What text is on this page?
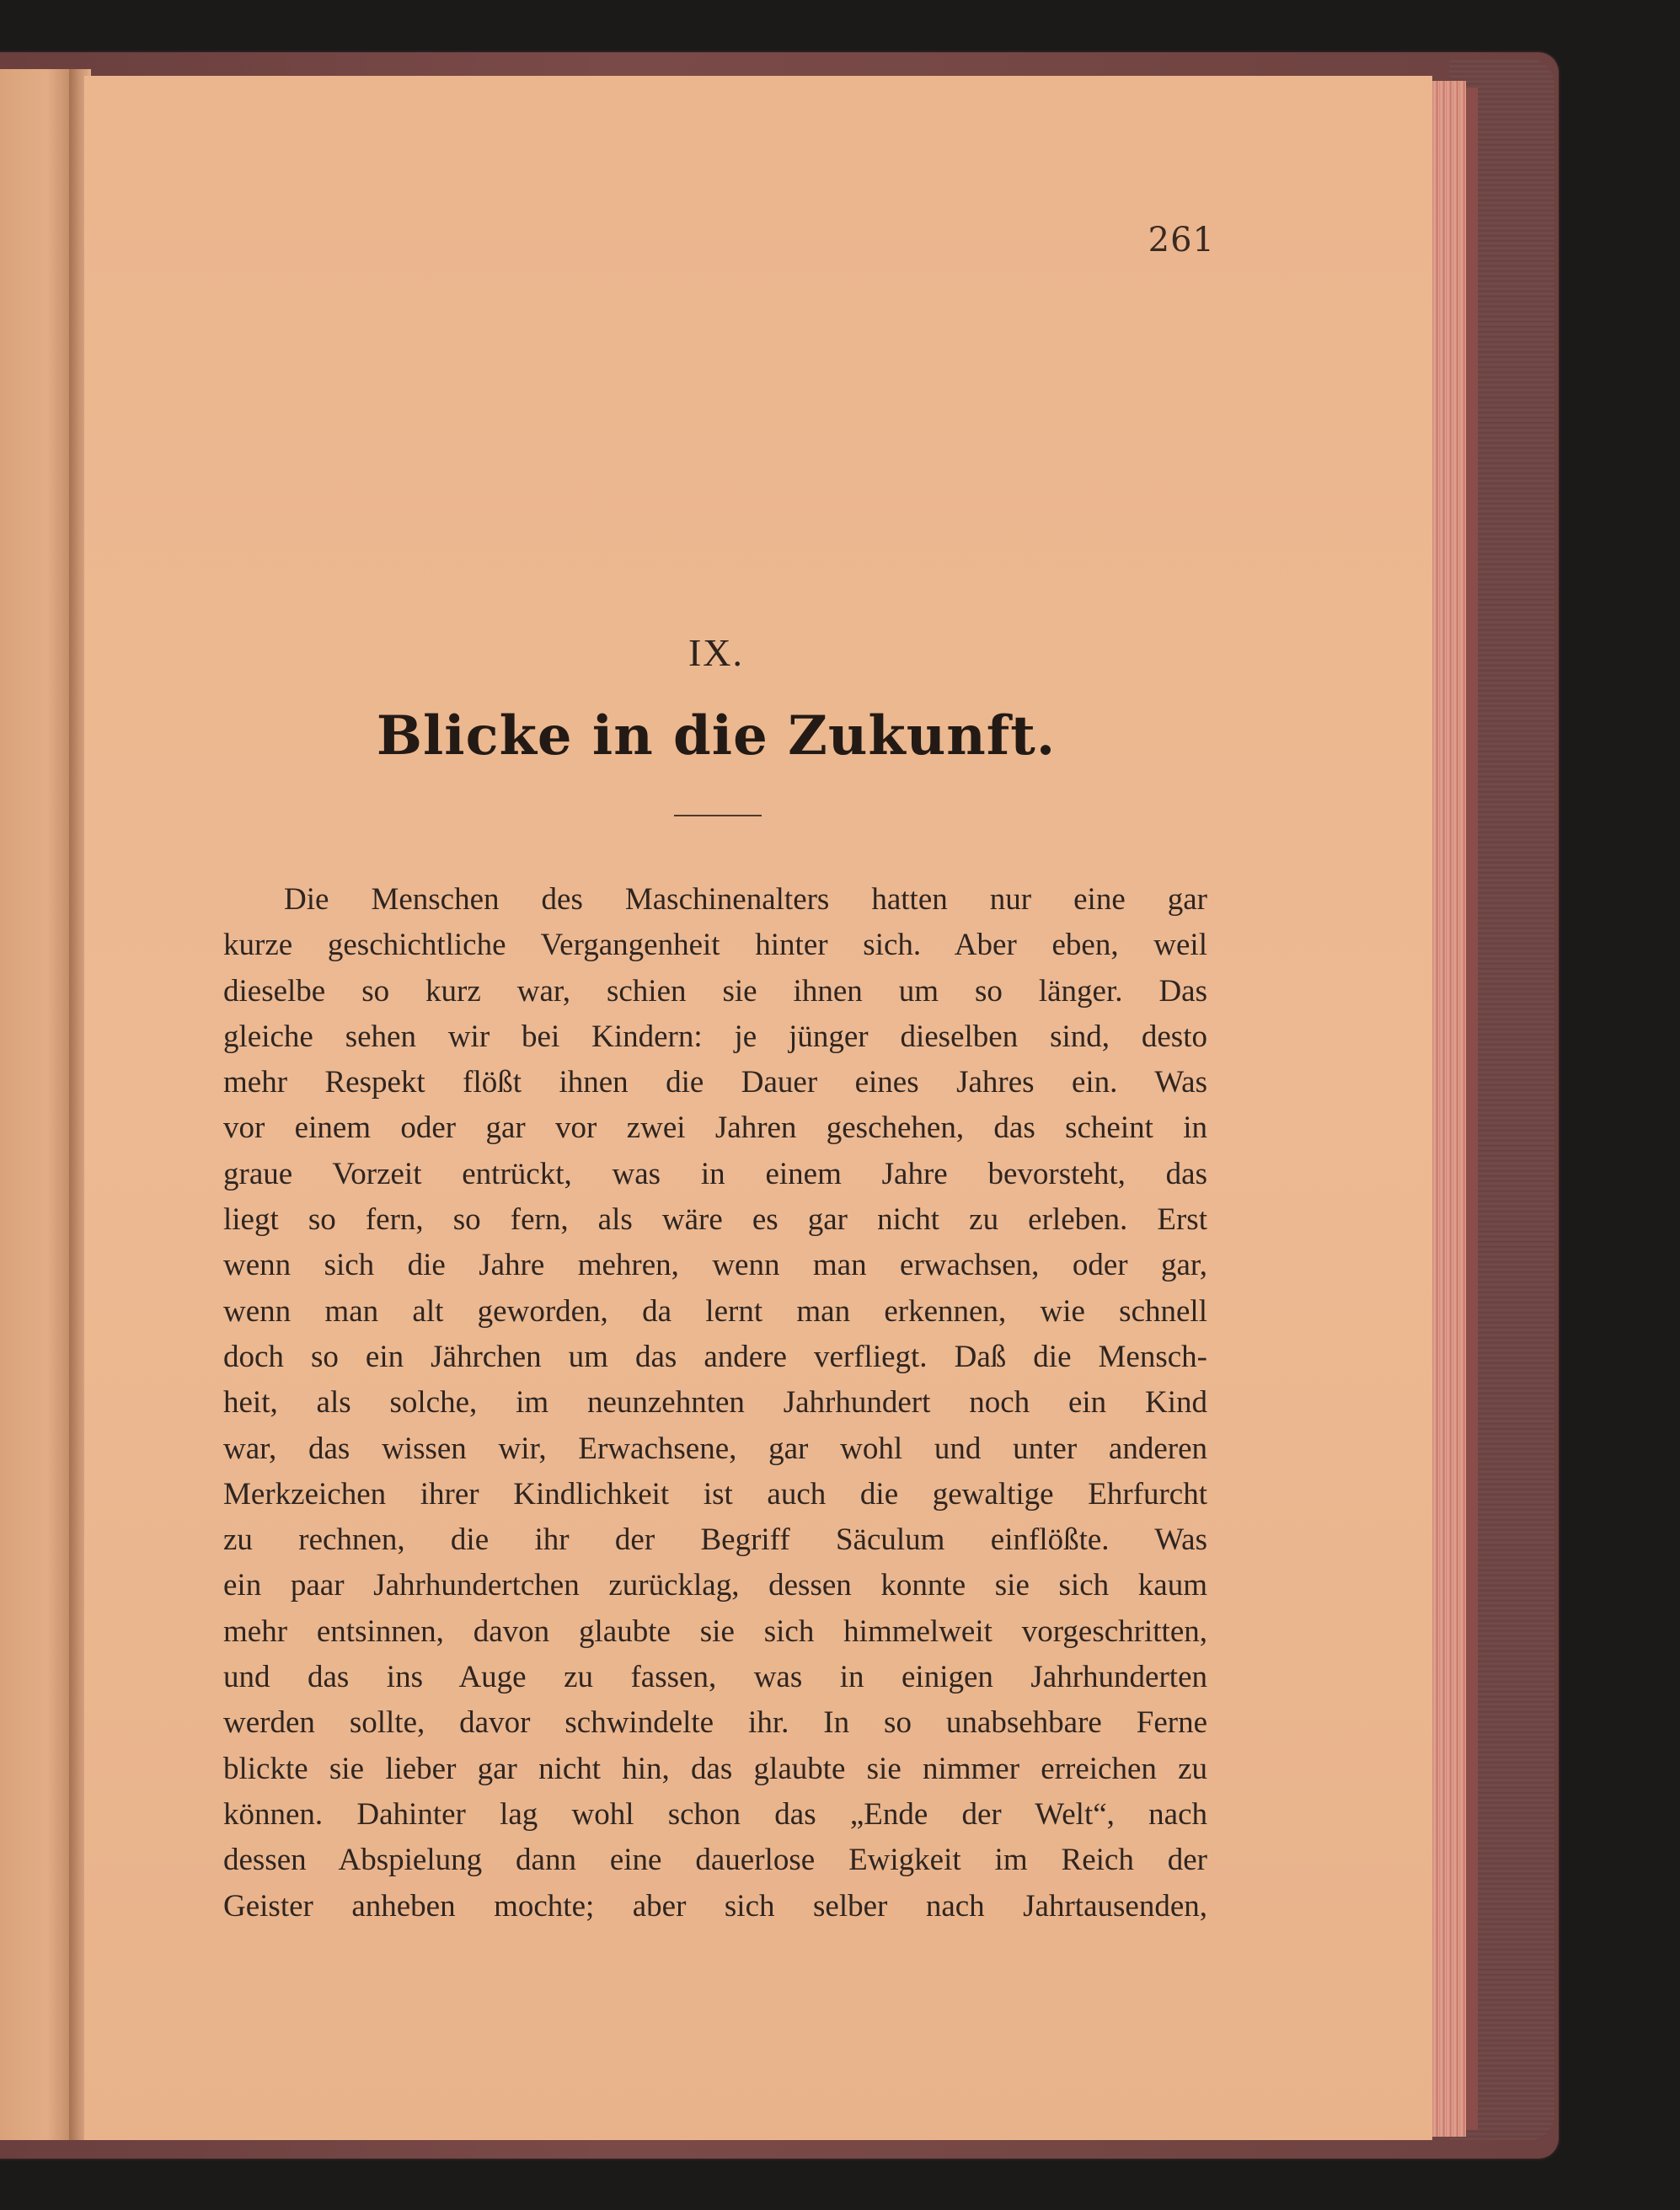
261
IX.
Blicke in die Zukunft.
Die Menschen des Maschinenalters hatten nur eine gar
kurze geschichtliche Vergangenheit hinter sich. Aber eben, weil
dieselbe so kurz war, schien sie ihnen um so länger. Das
gleiche sehen wir bei Kindern: je jünger dieselben sind, desto
mehr Respekt flößt ihnen die Dauer eines Jahres ein. Was
vor einem oder gar vor zwei Jahren geschehen, das scheint in
graue Vorzeit entrückt, was in einem Jahre bevorsteht, das
liegt so fern, so fern, als wäre es gar nicht zu erleben. Erst
wenn sich die Jahre mehren, wenn man erwachsen, oder gar,
wenn man alt geworden, da lernt man erkennen, wie schnell
doch so ein Jährchen um das andere verfliegt. Daß die Mensch-
heit, als solche, im neunzehnten Jahrhundert noch ein Kind
war, das wissen wir, Erwachsene, gar wohl und unter anderen
Merkzeichen ihrer Kindlichkeit ist auch die gewaltige Ehrfurcht
zu rechnen, die ihr der Begriff Säculum einflößte. Was
ein paar Jahrhundertchen zurücklag, dessen konnte sie sich kaum
mehr entsinnen, davon glaubte sie sich himmelweit vorgeschritten,
und das ins Auge zu fassen, was in einigen Jahrhunderten
werden sollte, davor schwindelte ihr. In so unabsehbare Ferne
blickte sie lieber gar nicht hin, das glaubte sie nimmer erreichen zu
können. Dahinter lag wohl schon das „Ende der Welt“, nach
dessen Abspielung dann eine dauerlose Ewigkeit im Reich der
Geister anheben mochte; aber sich selber nach Jahrtausenden,
